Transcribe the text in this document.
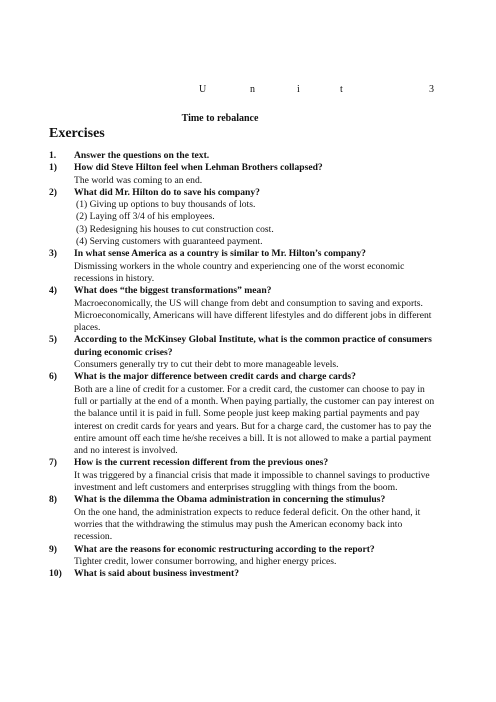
U	n	i	t	3
Time to rebalance
Exercises
1. Answer the questions on the text.
1) How did Steve Hilton feel when Lehman Brothers collapsed?
The world was coming to an end.
2) What did Mr. Hilton do to save his company?
(1) Giving up options to buy thousands of lots.
(2) Laying off 3/4 of his employees.
(3) Redesigning his houses to cut construction cost.
(4) Serving customers with guaranteed payment.
3) In what sense America as a country is similar to Mr. Hilton’s company?
Dismissing workers in the whole country and experiencing one of the worst economic recessions in history.
4) What does “the biggest transformations” mean?
Macroeconomically, the US will change from debt and consumption to saving and exports.
Microeconomically, Americans will have different lifestyles and do different jobs in different places.
5) According to the McKinsey Global Institute, what is the common practice of consumers during economic crises?
Consumers generally try to cut their debt to more manageable levels.
6) What is the major difference between credit cards and charge cards?
Both are a line of credit for a customer. For a credit card, the customer can choose to pay in full or partially at the end of a month. When paying partially, the customer can pay interest on the balance until it is paid in full. Some people just keep making partial payments and pay interest on credit cards for years and years. But for a charge card, the customer has to pay the entire amount off each time he/she receives a bill. It is not allowed to make a partial payment and no interest is involved.
7) How is the current recession different from the previous ones?
It was triggered by a financial crisis that made it impossible to channel savings to productive investment and left customers and enterprises struggling with things from the boom.
8) What is the dilemma the Obama administration in concerning the stimulus?
On the one hand, the administration expects to reduce federal deficit. On the other hand, it worries that the withdrawing the stimulus may push the American economy back into recession.
9) What are the reasons for economic restructuring according to the report?
Tighter credit, lower consumer borrowing, and higher energy prices.
10) What is said about business investment?
